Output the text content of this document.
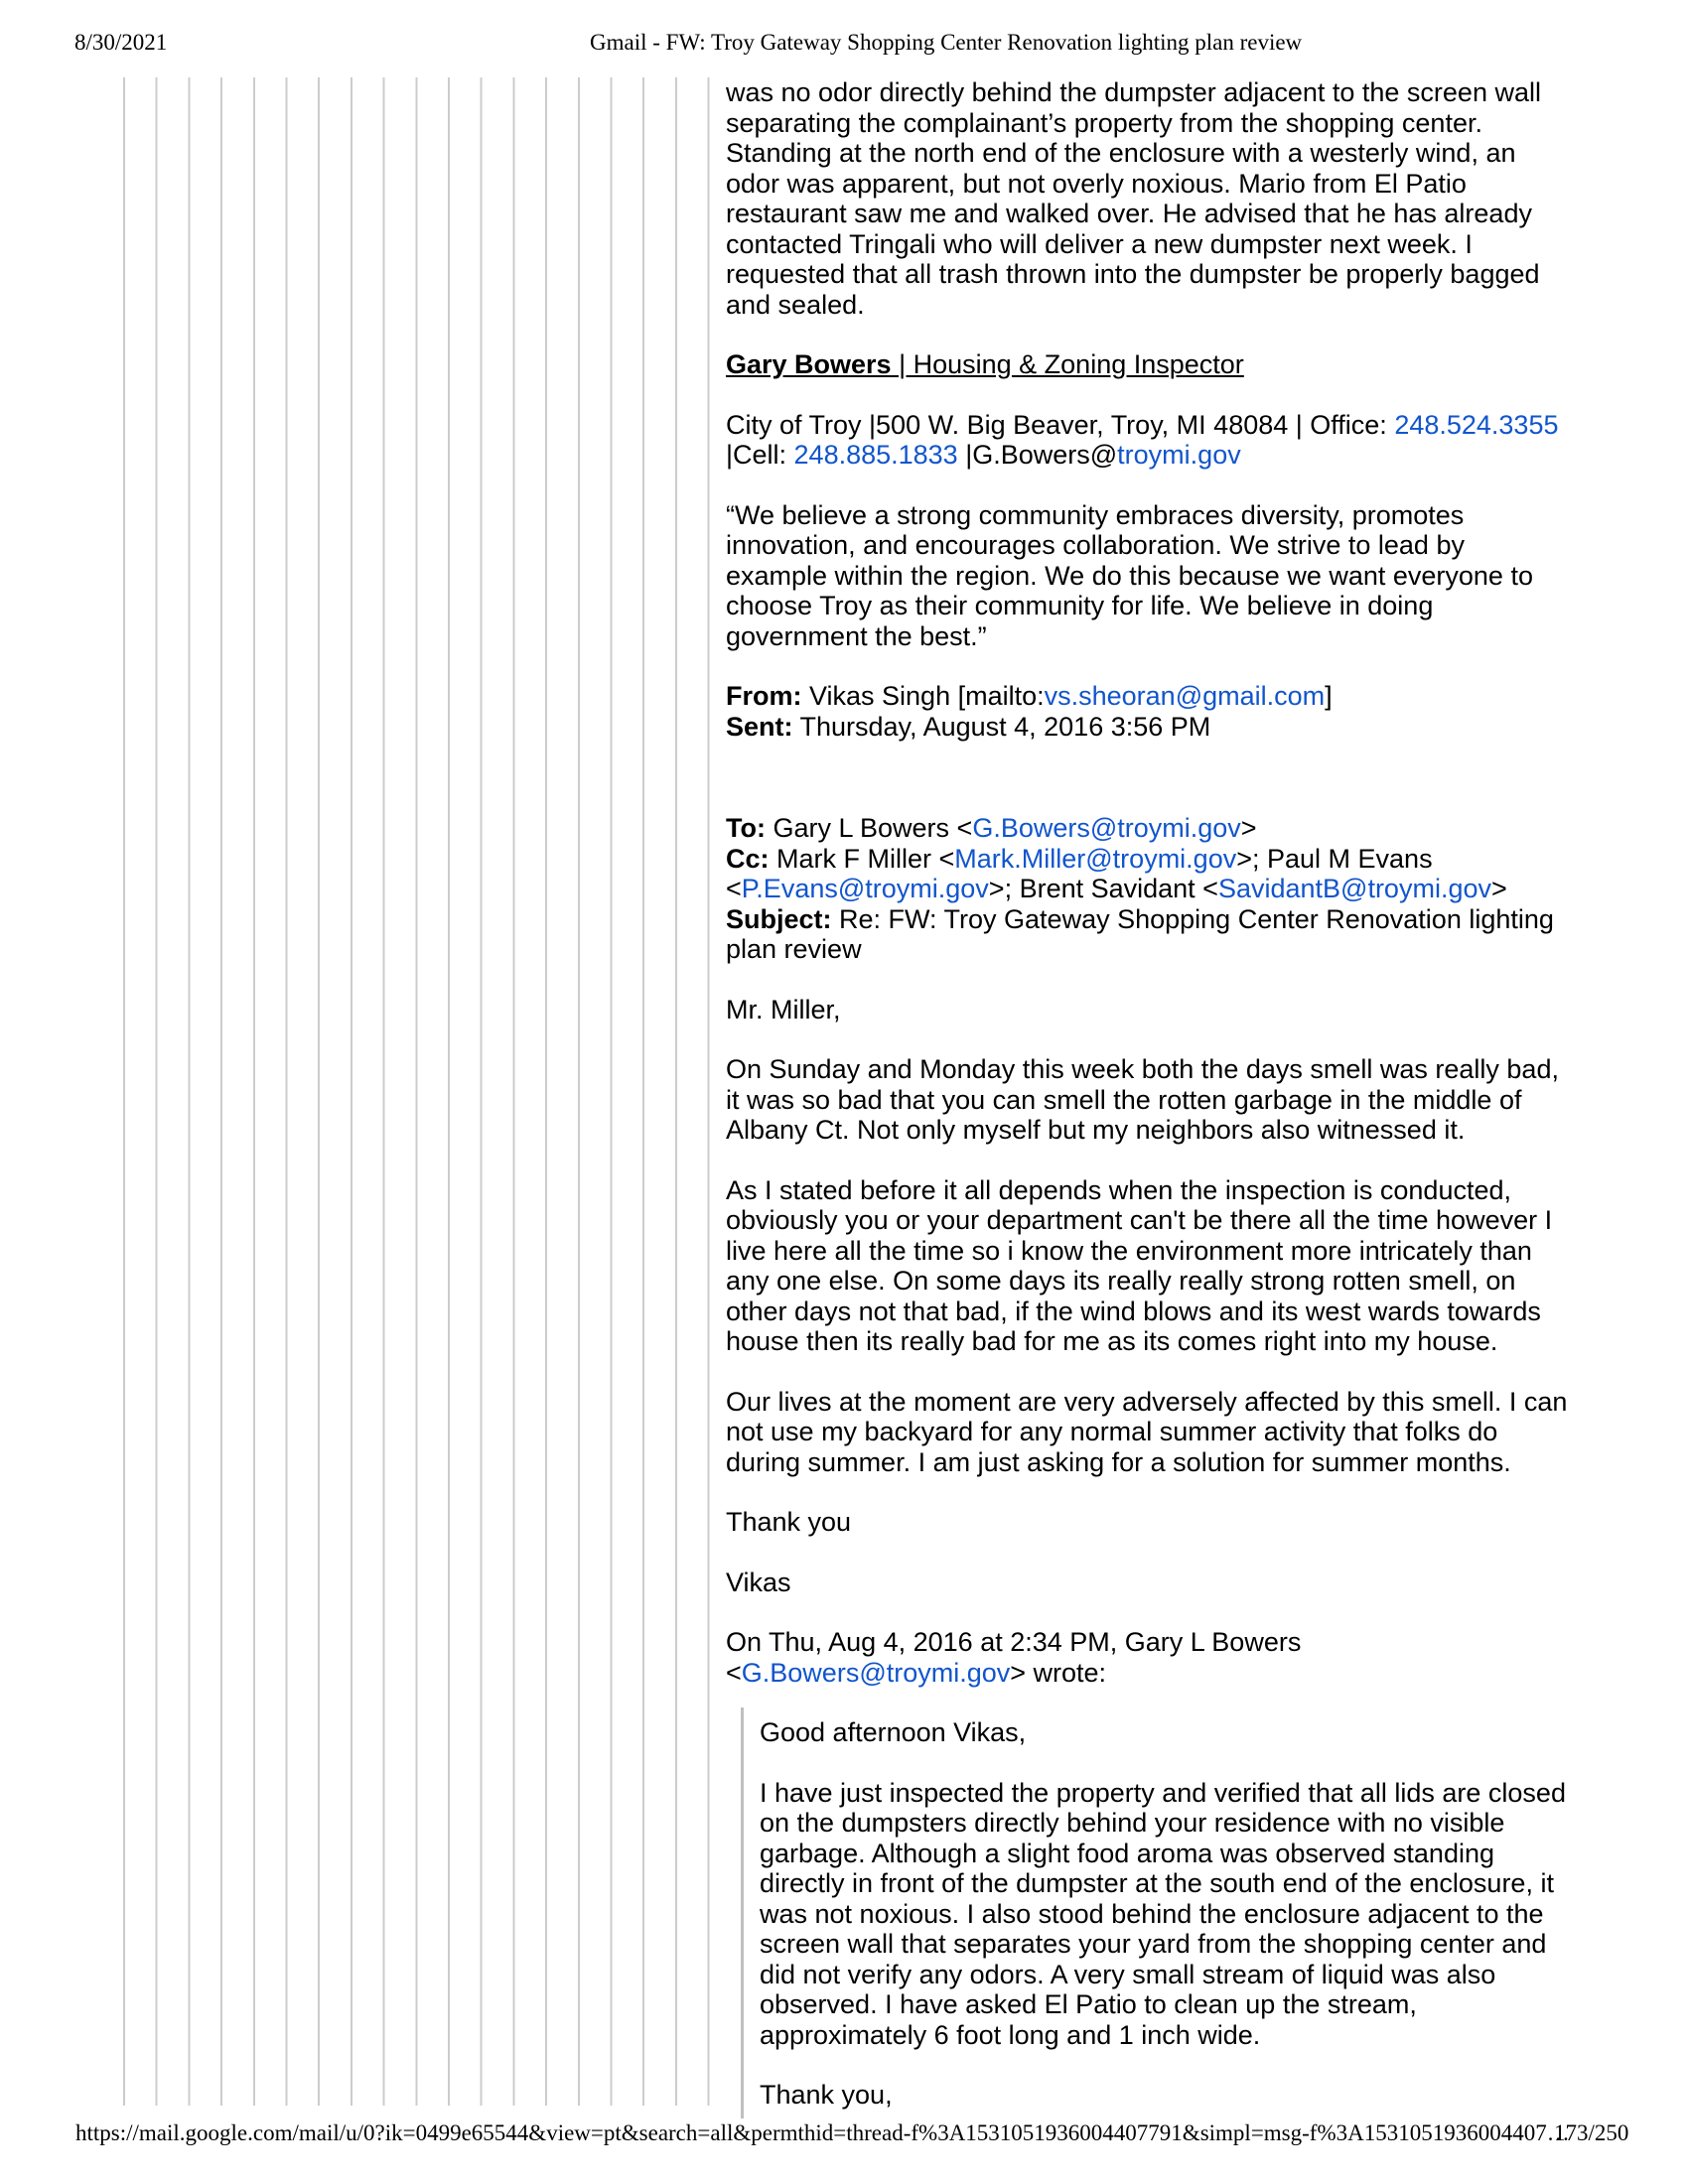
8/30/2021	Gmail - FW: Troy Gateway Shopping Center Renovation lighting plan review
was no odor directly behind the dumpster adjacent to the screen wall
separating the complainant’s property from the shopping center.
Standing at the north end of the enclosure with a westerly wind, an
odor was apparent, but not overly noxious. Mario from El Patio
restaurant saw me and walked over. He advised that he has already
contacted Tringali who will deliver a new dumpster next week. I
requested that all trash thrown into the dumpster be properly bagged
and sealed.
Gary Bowers | Housing & Zoning Inspector
City of Troy |500 W. Big Beaver, Troy, MI 48084 | Office: 248.524.3355
|Cell: 248.885.1833 |G.Bowers@troymi.gov
“We believe a strong community embraces diversity, promotes
innovation, and encourages collaboration. We strive to lead by
example within the region. We do this because we want everyone to
choose Troy as their community for life. We believe in doing
government the best.”
From: Vikas Singh [mailto:vs.sheoran@gmail.com]
Sent: Thursday, August 4, 2016 3:56 PM
To: Gary L Bowers <G.Bowers@troymi.gov>
Cc: Mark F Miller <Mark.Miller@troymi.gov>; Paul M Evans
<P.Evans@troymi.gov>; Brent Savidant <SavidantB@troymi.gov>
Subject: Re: FW: Troy Gateway Shopping Center Renovation lighting
plan review
Mr. Miller,
On Sunday and Monday this week both the days smell was really bad,
it was so bad that you can smell the rotten garbage in the middle of
Albany Ct. Not only myself but my neighbors also witnessed it.
As I stated before it all depends when the inspection is conducted,
obviously you or your department can't be there all the time however I
live here all the time so i know the environment more intricately than
any one else. On some days its really really strong rotten smell, on
other days not that bad, if the wind blows and its west wards towards
house then its really bad for me as its comes right into my house.
Our lives at the moment are very adversely affected by this smell. I can
not use my backyard for any normal summer activity that folks do
during summer. I am just asking for a solution for summer months.
Thank you
Vikas
On Thu, Aug 4, 2016 at 2:34 PM, Gary L Bowers
<G.Bowers@troymi.gov> wrote:
Good afternoon Vikas,
I have just inspected the property and verified that all lids are closed
on the dumpsters directly behind your residence with no visible
garbage. Although a slight food aroma was observed standing
directly in front of the dumpster at the south end of the enclosure, it
was not noxious. I also stood behind the enclosure adjacent to the
screen wall that separates your yard from the shopping center and
did not verify any odors. A very small stream of liquid was also
observed. I have asked El Patio to clean up the stream,
approximately 6 foot long and 1 inch wide.
Thank you,
https://mail.google.com/mail/u/0?ik=0499e65544&view=pt&search=all&permthid=thread-f%3A1531051936004407791&simpl=msg-f%3A1531051936004407…
173/250
